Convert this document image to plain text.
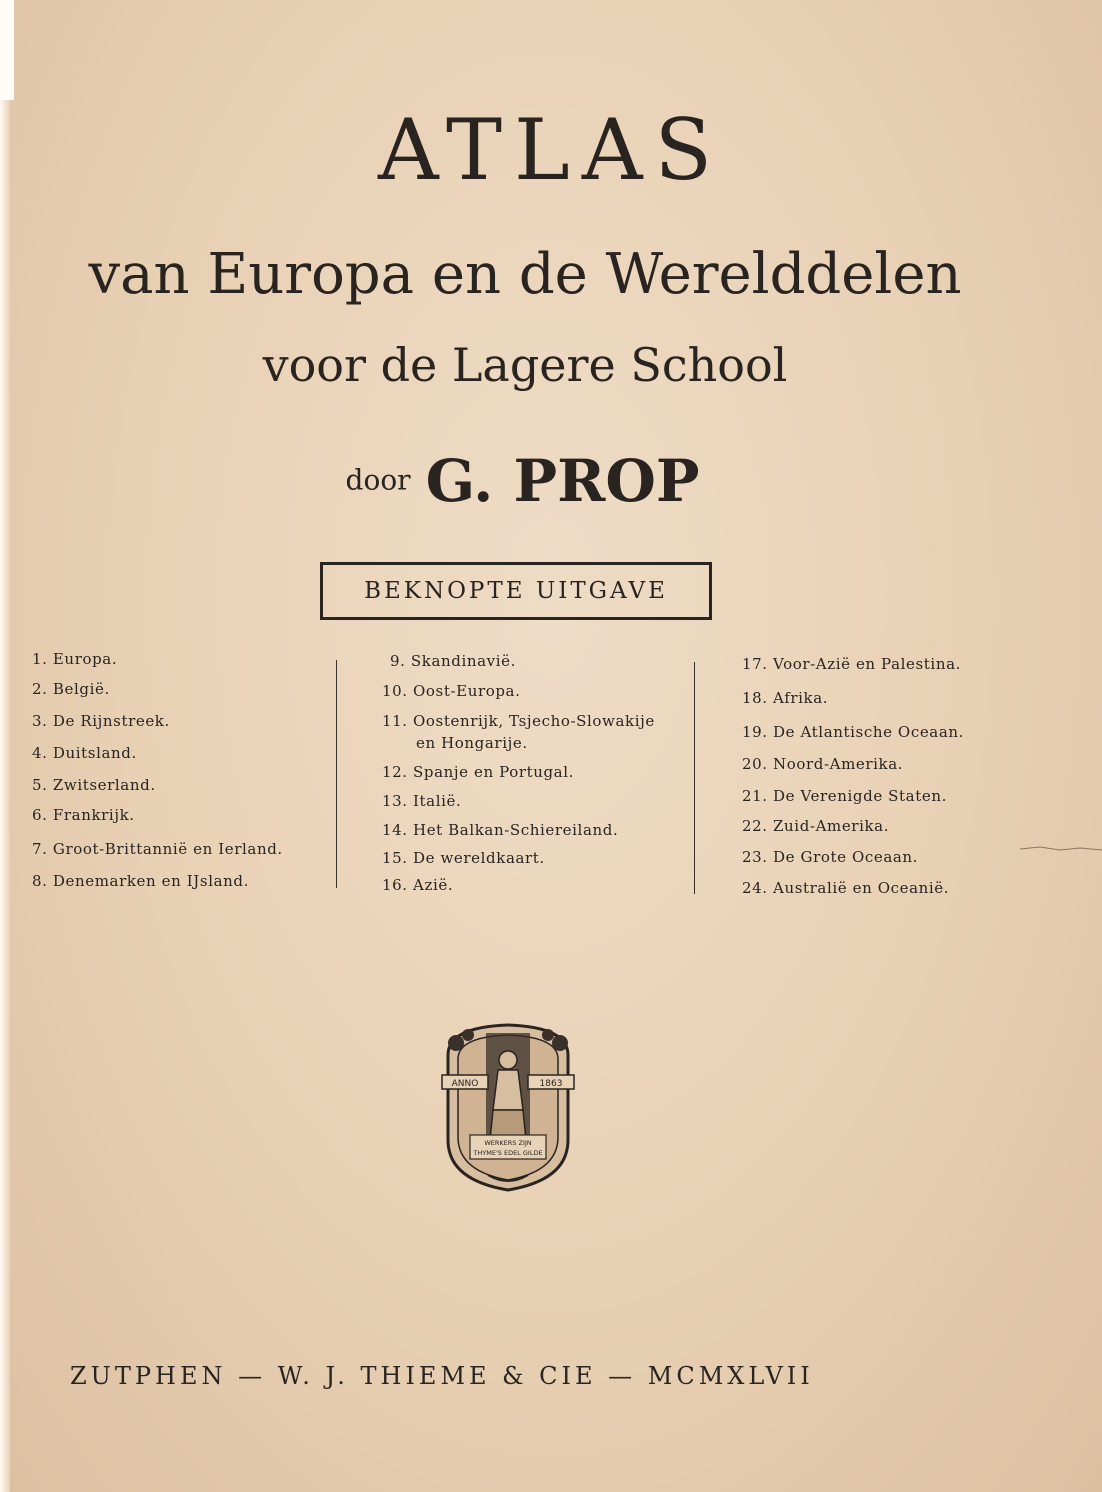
ATLAS
van Europa en de Werelddelen
voor de Lagere School
door G. PROP
BEKNOPTE UITGAVE
1. Europa.
2. België.
3. De Rijnstreek.
4. Duitsland.
5. Zwitserland.
6. Frankrijk.
7. Groot-Brittannië en Ierland.
8. Denemarken en IJsland.
9. Skandinavië.
10. Oost-Europa.
11. Oostenrijk, Tsjecho-Slowakije
en Hongarije.
12. Spanje en Portugal.
13. Italië.
14. Het Balkan-Schiereiland.
15. De wereldkaart.
16. Azië.
17. Voor-Azië en Palestina.
18. Afrika.
19. De Atlantische Oceaan.
20. Noord-Amerika.
21. De Verenigde Staten.
22. Zuid-Amerika.
23. De Grote Oceaan.
24. Australië en Oceanië.
ANNO	1863
WERKERS ZIJN
THYME'S EDEL GILDE
ZUTPHEN — W. J. THIEME & CIE — MCMXLVII
